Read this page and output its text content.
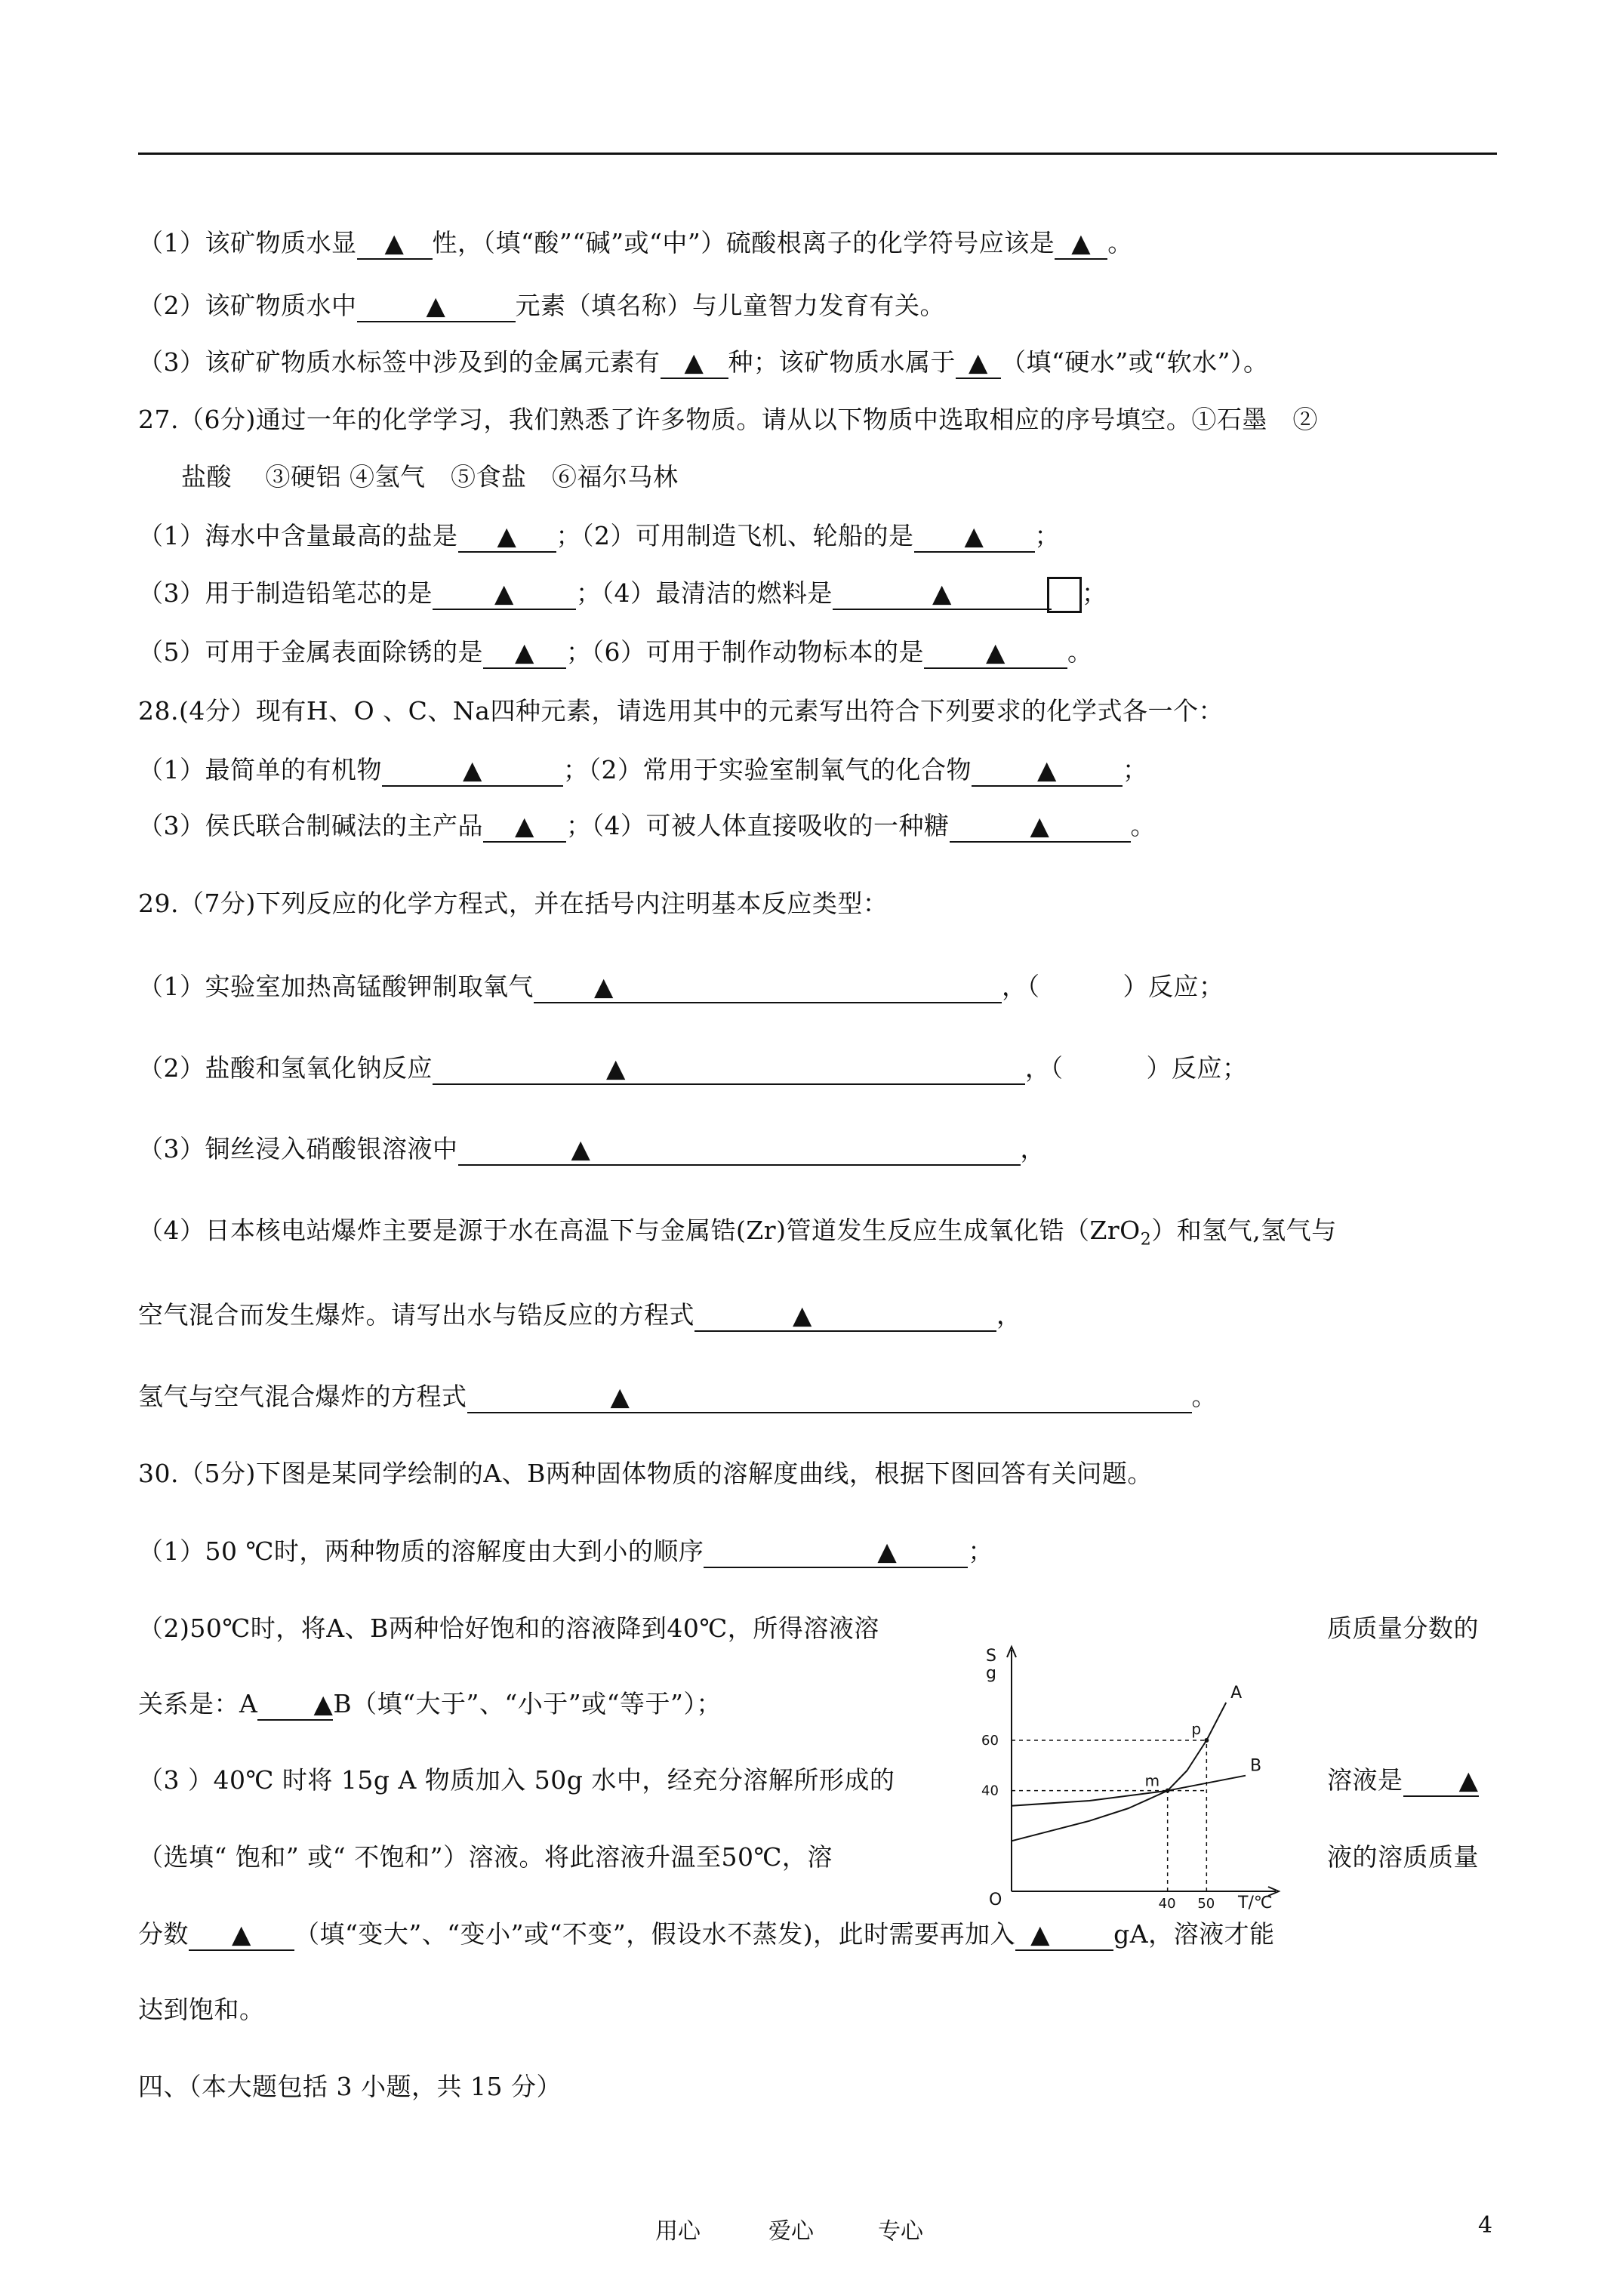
（1）该矿物质水显 ▲ 性，（填“酸”“碱”或“中”）硫酸根离子的化学符号应该是 ▲ 。
（2）该矿物质水中	▲	元素（填名称）与儿童智力发育有关。
（3）该矿矿物质水标签中涉及到的金属元素有 ▲ 种；该矿物质水属于 ▲ （填“硬水”或“软水”）。
27.（6分)通过一年的化学学习，我们熟悉了许多物质。请从以下物质中选取相应的序号填空。①石墨　②
盐酸　 ③硬铝 ④氢气　⑤食盐　⑥福尔马林
（1）海水中含量最高的盐是 ▲ ；（2）可用制造飞机、轮船的是 ▲ ；
（3）用于制造铅笔芯的是 ▲ ；（4）最清洁的燃料是	▲	；
（5）可用于金属表面除锈的是 ▲ ；（6）可用于制作动物标本的是 ▲ 。
28.(4分）现有H、O 、C、Na四种元素，请选用其中的元素写出符合下列要求的化学式各一个：
（1）最简单的有机物	▲	；（2）常用于实验室制氧气的化合物	▲	；
（3）侯氏联合制碱法的主产品 ▲ ；（4）可被人体直接吸收的一种糖	▲	。
29.（7分)下列反应的化学方程式，并在括号内注明基本反应类型：
（1）实验室加热高锰酸钾制取氧气 ▲	，（	）反应；
（2）盐酸和氢氧化钠反应	▲	，（	）反应；
（3）铜丝浸入硝酸银溶液中	▲	，
（4）日本核电站爆炸主要是源于水在高温下与金属锆(Zr)管道发生反应生成氧化锆（ZrO$_2$）和氢气,氢气与
空气混合而发生爆炸。请写出水与锆反应的方程式	▲	，
氢气与空气混合爆炸的方程式	▲	。
30.（5分)下图是某同学绘制的A、B两种固体物质的溶解度曲线，根据下图回答有关问题。
（1）50 ℃时，两种物质的溶解度由大到小的顺序	▲	；
（2)50℃时，将A、B两种恰好饱和的溶液降到40℃，所得溶液溶	质质量分数的
关系是：A ▲B（填“大于”、“小于”或“等于”）；
（3 ）40℃ 时将 15g A 物质加入 50g 水中，经充分溶解所形成的	溶液是 ▲
（选填“ 饱和” 或“ 不饱和”）溶液。将此溶液升温至50℃，溶	液的溶质质量
分数 ▲ （填“变大”、“变小”或“不变”，假设水不蒸发)，此时需要再加入 ▲	gA，溶液才能
达到饱和。
四、（本大题包括 3 小题，共 15 分）
S
g
T/℃
O
40
60
40 50
A
B
p
m
用心	爱心	专心	4
